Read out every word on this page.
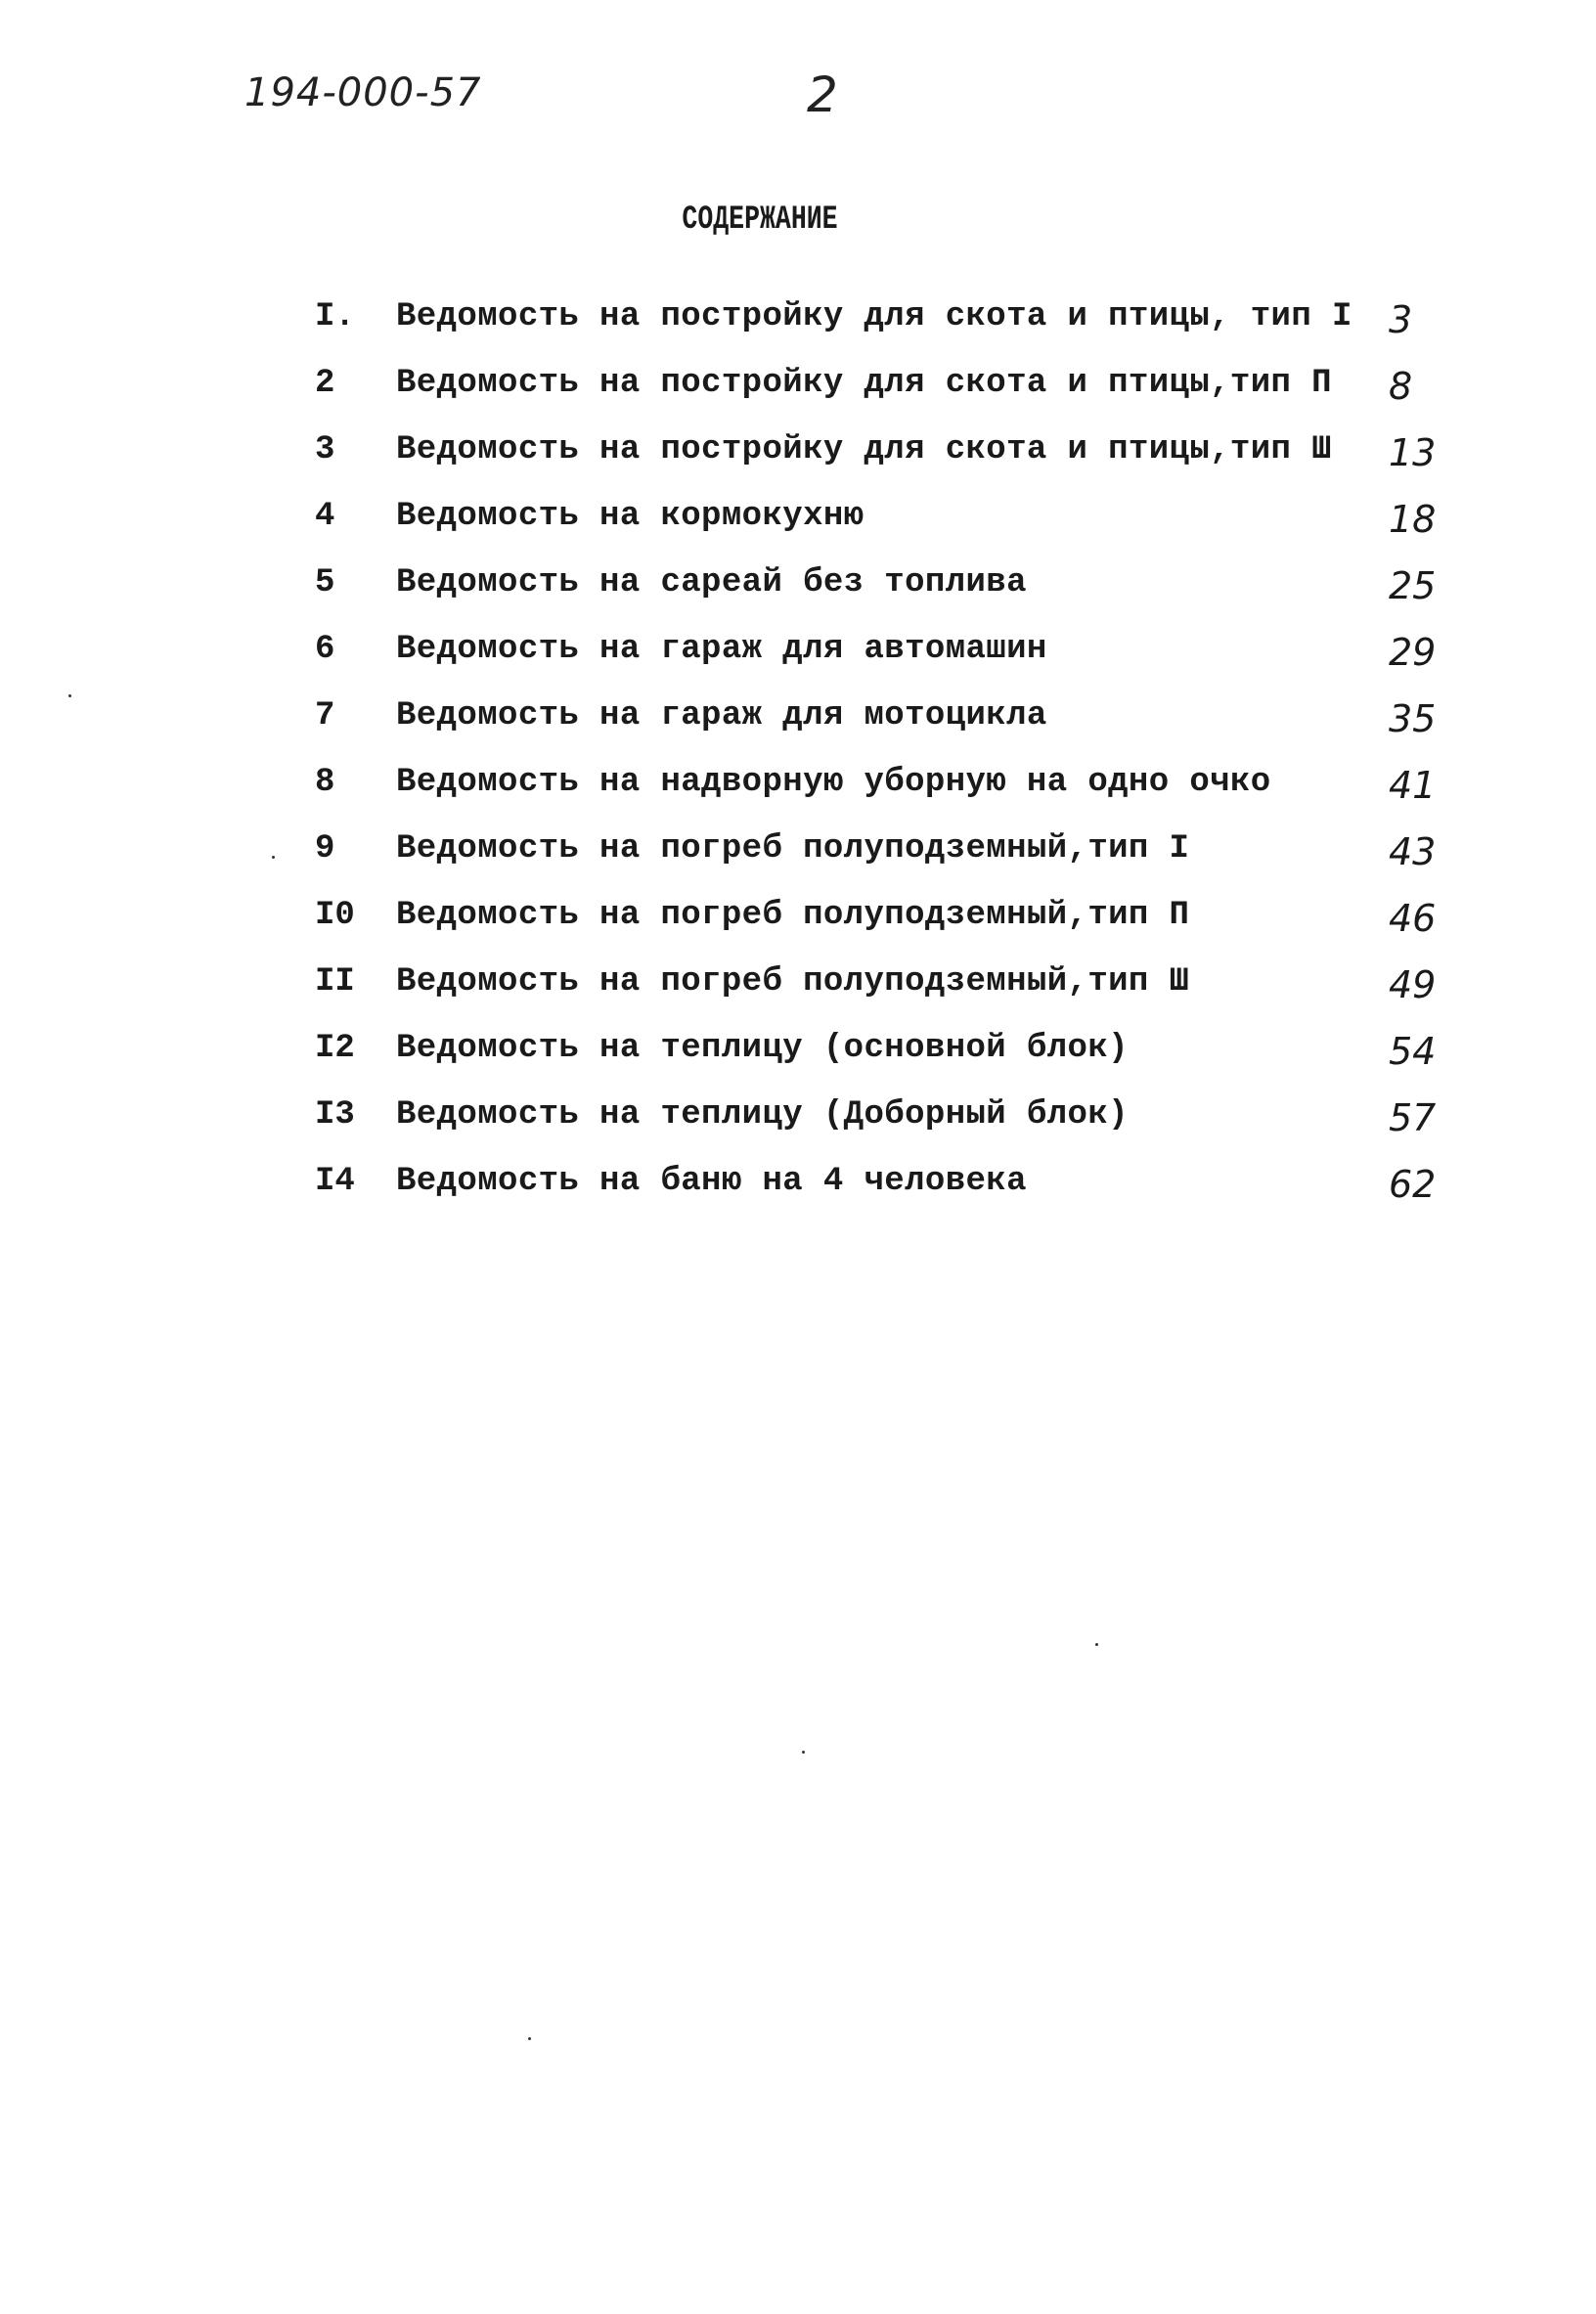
194-000-57	2
СОДЕРЖАНИЕ
I. Ведомость на постройку для скота и птицы, тип I 3
2 Ведомость на постройку для скота и птицы,тип П 8
3 Ведомость на постройку для скота и птицы,тип Ш 13
4 Ведомость на кормокухню	18
5 Ведомость на сареай без топлива	25
6 Ведомость на гараж для автомашин	29
7 Ведомость на гараж для мотоцикла	35
8 Ведомость на надворную уборную на одно очко	41
9 Ведомость на погреб полуподземный,тип I	43
I0 Ведомость на погреб полуподземный,тип П	46
II Ведомость на погреб полуподземный,тип Ш	49
I2 Ведомость на теплицу (основной блок)	54
I3 Ведомость на теплицу (Доборный блок)	57
I4 Ведомость на баню на 4 человека	62
